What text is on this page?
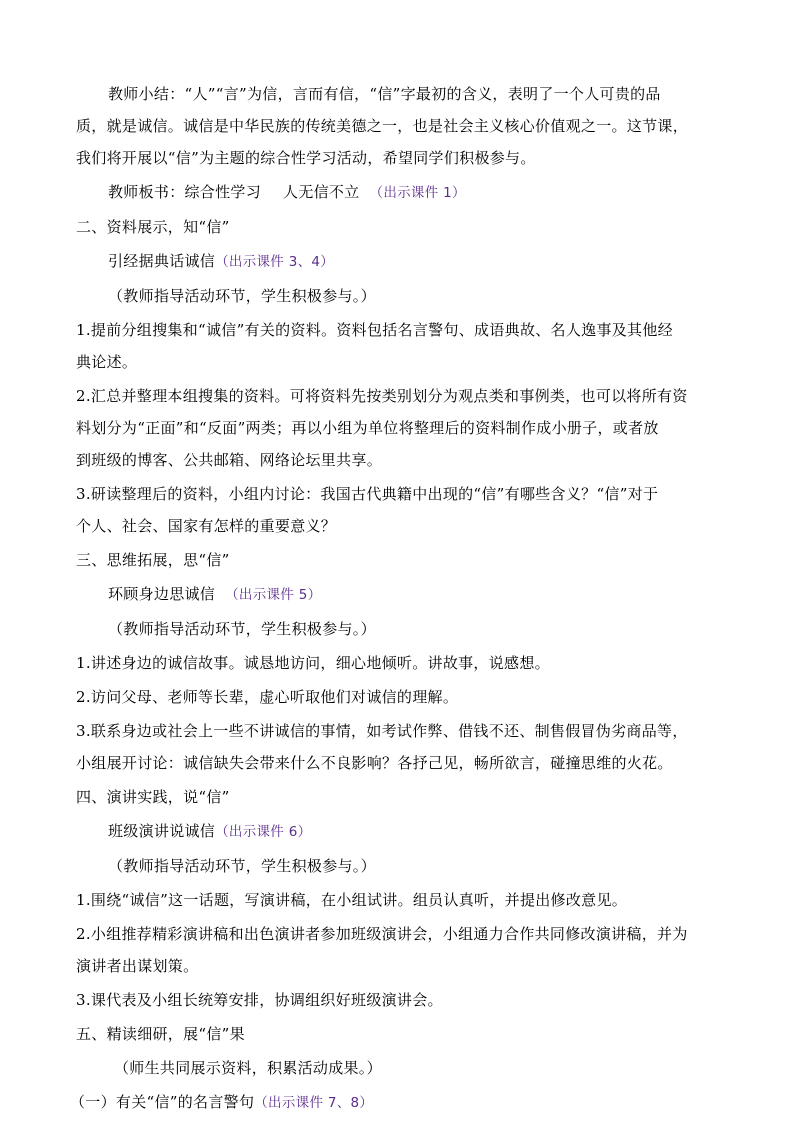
教师小结：“人”“言”为信，言而有信，“信”字最初的含义，表明了一个人可贵的品
质，就是诚信。诚信是中华民族的传统美德之一，也是社会主义核心价值观之一。这节课，
我们将开展以“信”为主题的综合性学习活动，希望同学们积极参与。
教师板书：综合性学习 人无信不立 （出示课件 1）
二、资料展示，知“信”
引经据典话诚信（出示课件 3、4）
（教师指导活动环节，学生积极参与。）
1.提前分组搜集和“诚信”有关的资料。资料包括名言警句、成语典故、名人逸事及其他经
典论述。
2.汇总并整理本组搜集的资料。可将资料先按类别划分为观点类和事例类，也可以将所有资
料划分为“正面”和“反面”两类；再以小组为单位将整理后的资料制作成小册子，或者放
到班级的博客、公共邮箱、网络论坛里共享。
3.研读整理后的资料，小组内讨论：我国古代典籍中出现的“信”有哪些含义？“信”对于
个人、社会、国家有怎样的重要意义？
三、思维拓展，思“信”
环顾身边思诚信 （出示课件 5）
（教师指导活动环节，学生积极参与。）
1.讲述身边的诚信故事。诚恳地访问，细心地倾听。讲故事，说感想。
2.访问父母、老师等长辈，虚心听取他们对诚信的理解。
3.联系身边或社会上一些不讲诚信的事情，如考试作弊、借钱不还、制售假冒伪劣商品等，
小组展开讨论：诚信缺失会带来什么不良影响？各抒己见，畅所欲言，碰撞思维的火花。
四、演讲实践，说“信”
班级演讲说诚信（出示课件 6）
（教师指导活动环节，学生积极参与。）
1.围绕“诚信”这一话题，写演讲稿，在小组试讲。组员认真听，并提出修改意见。
2.小组推荐精彩演讲稿和出色演讲者参加班级演讲会，小组通力合作共同修改演讲稿，并为
演讲者出谋划策。
3.课代表及小组长统筹安排，协调组织好班级演讲会。
五、精读细研，展“信”果
（师生共同展示资料，积累活动成果。）
（一）有关“信”的名言警句（出示课件 7、8）
